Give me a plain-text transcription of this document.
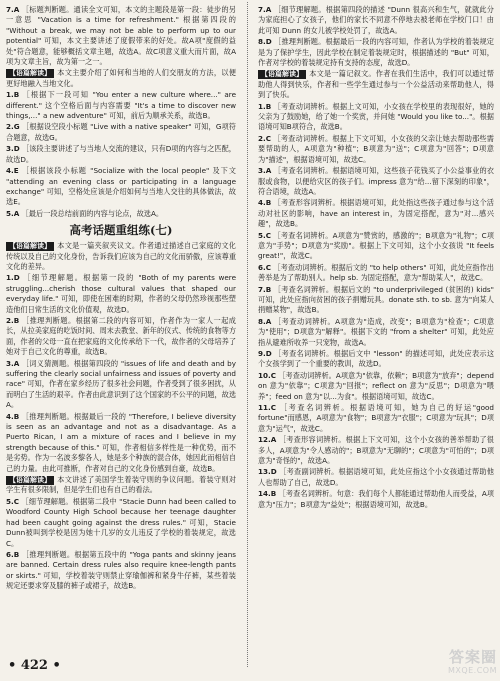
7.A ［标题判断题。通读全文可知，本文的主题段是第一段：徒步的另一意思 "Vacation is a time for refreshment." 根据第四段的 "Without a break, we may not be able to perform up to our potential" 可知，本文主要讲述了度假带来的好处。故A项"度假的益处"符合题意，能够概括文章主题，故选A。故C项意义重大而片面，故A项为文章主旨，故为第一之一。

【语篇解读】 本文主要介绍了如何和当地的人们交朋友的方法，以便更好地融入当地文化。

1.B ［根据下一段可知 "You enter a new culture where..." are different." 这个空格后面与内容需要 "It's a time to discover new things,..." a new adventure" 可知，前后为顺承关系，故选B。

2.G ［根据设空段小标题 "Live with a native speaker" 可知，G项符合题意，故选G。

3.D ［该段主要讲述了与当地人交流的建议，只有D项的内容与之匹配，故选D。

4.E ［根据该段小标题 "Socialize with the local people" 及下文 "attending an evening class or participating in a language exchange" 可知，空格处应该是介绍如何与当地人交往的具体做法，故选E。

5.A ［最后一段总结前面的内容与论点，故选A。

高考话题重组练(七)

【语篇解读】 本文是一篇夹叙夹议文。作者通过描述自己家庭的文化传统以及自己的文化身份，告诉我们应该为自己的文化而骄傲，应该尊重文化的差异。

1.D ［细节理解题。根据第一段的 "Both of my parents were struggling...cherish those cultural values that shaped our everyday life." 可知，即使在困难的时期，作者的父母仍然珍视那些塑造他们日常生活的文化价值观，故选D。

2.B ［推理判断题。根据第二段的内容可知，作者作为一家人一起成长，从拉美家庭的吃饭时间、周末去教堂、新年的仪式、传统的食物等方面，作者的父母一直在把家庭的文化传承给下一代，故作者的父母培养了她对于自己文化的尊重，故选B。

3.A ［词义猜测题。根据第四段的 "issues of life and death and by suffering the clearly social unfairness and issues of poverty and race" 可知，作者在家乡经历了很多社会问题，作者受到了很多困扰，从而明白了生活的艰辛。作者由此意识到了这个国家的不公平的问题，故选A。

4.B ［推理判断题。根据最后一段的 "Therefore, I believe diversity is seen as an advantage and not as a disadvantage. As a Puerto Rican, I am a mixture of races and I believe in my strength because of this." 可知，作者相信多样性是一种优势，而不是劣势。作为一名波多黎各人，她是多个种族的混合体，她因此而相信自己的力量。由此可推断，作者对自己的文化身份感到自豪，故选B。

【语篇解读】 本文讲述了美国学生着装守则的争议问题。着装守则对学生有很多限制，但是学生们也有自己的看法。

5.C ［细节理解题。根据第二段中 "Stacie Dunn had been called to Woodford County High School because her teenage daughter had been caught going against the dress rules." 可知，Stacie Dunn被叫到学校是因为她十几岁的女儿违反了学校的着装规定，故选C。

6.B ［推理判断题。根据第五段中的 "Yoga pants and skinny jeans are banned. Certain dress rules also require knee-length pants or skirts." 可知，学校着装守则禁止穿瑜伽裤和紧身牛仔裤，某些着装规定还要求穿及膝的裤子或裙子，故选B。

7.A ［细节理解题。根据第四段的描述 "Dunn 很高兴和生气，就就此分为家庭担心了女孩子，他们的家长不同意不停地去被老师在学校门口！由此可知 Dunn 的女儿被学校处罚了，故选A。

8.D ［推理判断题。根据最后一段的内容可知，作者认为学校的着装规定是为了保护学生，因此学校在制定着装规定时，根据描述的 "But" 可知，作者对学校的着装规定持有支持的态度，故选D。

【语篇解读】 本文是一篇记叙文。作者在我们生活中，我们可以通过帮助他人得到快乐，作者和一些学生通过参与一个公益活动来帮助他人，得到了快乐。

1.B ［考查动词辨析。根据上文可知，小女孩在学校里的表现很好，她的父亲为了鼓励她，给了她一个奖赏，并问她 "Would you like to..."。根据语境可知B项符合，故选B。

2.C ［考查动词辨析。根据上下文可知，小女孩的父亲让她去帮助那些需要帮助的人，A项意为"种植"；B项意为"送"；C项意为"回答"；D项意为"描述"，根据语境可知，故选C。

3.A ［考查名词辨析。根据语境可知，这些孩子花钱买了小公益事业的衣服或食物，以便给灾区的孩子们。impress 意为"给...留下深刻的印象"，符合语境，故选A。

4.B ［考查形容词辨析。根据语境可知，此处指这些孩子通过参与这个活动对社区的影响，have an interest in，为固定搭配，意为"对...感兴趣"，故选B。

5.C ［考查名词辨析。A项意为"赞赏的，感激的"；B项意为"礼物"；C项意为"手势"；D项意为"奖励"。根据上下文可知，这个小女孩说 "It feels great!"，故选C。

6.C ［考查动词辨析。根据后文的 "to help others" 可知，此处应指作出善举是为了帮助别人。help sb. 为固定搭配，意为"帮助某人"，故选C。

7.B ［考查名词辨析。根据后文的 "to underprivileged (贫困的) kids" 可知，此处应指向贫困的孩子捐赠玩具。donate sth. to sb. 意为"向某人捐赠某物"，故选B。

8.A ［考查动词辨析。A项意为"造成，改变"；B项意为"检查"；C项意为"使用"；D项意为"解释"。根据下文的 "from a shelter" 可知，此处应指从避难所收养一只宠物，故选A。

9.D ［考查名词辨析。根据后文中 "lesson" 的描述可知，此处应表示这个女孩学到了一个重要的教训，故选D。

10.C ［考查动词辨析。A项意为"依靠，依赖"；B项意为"放弃"；depend on 意为"依靠"；C项意为"回报"；reflect on 意为"反思"；D项意为"喂养"；feed on 意为"以...为食"。根据语境可知，故选C。

11.C ［考查名词辨析。根据语境可知，她为自己的好运"good fortune"而感恩，A项意为"食物"；B项意为"衣服"；C项意为"玩具"；D项意为"运气"，故选C。

12.A ［考查形容词辨析。根据上下文可知，这个小女孩的善举帮助了很多人，A项意为"令人感动的"；B项意为"无聊的"；C项意为"可怕的"；D项意为"奇怪的"，故选A。

13.D ［考查副词辨析。根据语境可知，此处应指这个小女孩通过帮助他人也帮助了自己，故选D。

14.B ［考查名词辨析。句意：我们每个人都能通过帮助他人而受益，A项意为"压力"；B项意为"益处"；根据语境可知，故选B。

• 422 •	答案圈
MXQE.COM
